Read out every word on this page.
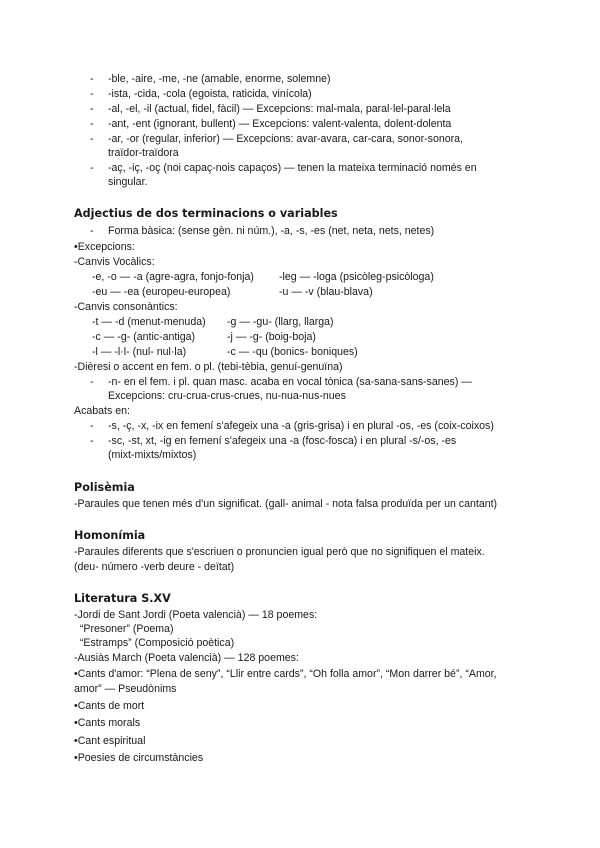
- -ble, -aire, -me, -ne (amable, enorme, solemne)
- -ista, -cida, -cola (egoista, raticida, vinícola)
- -al, -el, -il (actual, fidel, fàcil) — Excepcions: mal-mala, paral·lel-paral·lela
- -ant, -ent (ignorant, bullent) — Excepcions: valent-valenta, dolent-dolenta
- -ar, -or (regular, inferior) — Excepcions: avar-avara, car-cara, sonor-sonora,
traïdor-traïdora
- -aç, -iç, -oç (noi capaç-nois capaços) — tenen la mateixa terminació només en
singular.
Adjectius de dos terminacions o variables
- Forma bàsica: (sense gèn. ni núm.), -a, -s, -es (net, neta, nets, netes)
•Excepcions:
-Canvis Vocàlics:
-e, -o — -a (agre-agra, fonjo-fonja) -leg — -loga (psicòleg-psicòloga)
-eu — -ea (europeu-europea)	-u — -v (blau-blava)
-Canvis consonàntics:
-t — -d (menut-menuda) -g — -gu- (llarg, llarga)
-c — -g- (antic-antiga)	-j — -g- (boig-boja)
-l — -l·l- (nul- nul·la)	-c — -qu (bonics- boniques)
-Dièresi o accent en fem. o pl. (tebi-tèbia, genuí-genuïna)
- -n- en el fem. i pl. quan masc. acaba en vocal tònica (sa-sana-sans-sanes) —
Excepcions: cru-crua-crus-crues, nu-nua-nus-nues
Acabats en:
- -s, -ç, -x, -ix en femení s'afegeix una -a (gris-grisa) i en plural -os, -es (coix-coixos)
- -sc, -st, xt, -ig en femení s'afegeix una -a (fosc-fosca) i en plural -s/-os, -es
(mixt-mixts/mixtos)
Polisèmia
-Paraules que tenen més d'un significat. (gall- animal - nota falsa produïda per un cantant)
Homonímia
-Paraules diferents que s'escriuen o pronuncien igual però que no signifiquen el mateix.
(deu- número -verb deure - deïtat)
Literatura S.XV
-Jordi de Sant Jordi (Poeta valencià) — 18 poemes:
“Presoner” (Poema)
“Estramps” (Composició poètica)
-Ausiàs March (Poeta valencià) — 128 poemes:
•Cants d'amor: “Plena de seny”, “Llir entre cards”, “Oh folla amor”, “Mon darrer bé”, “Amor,
amor” — Pseudònims
•Cants de mort
•Cants morals
•Cant espiritual
•Poesies de circumstàncies
